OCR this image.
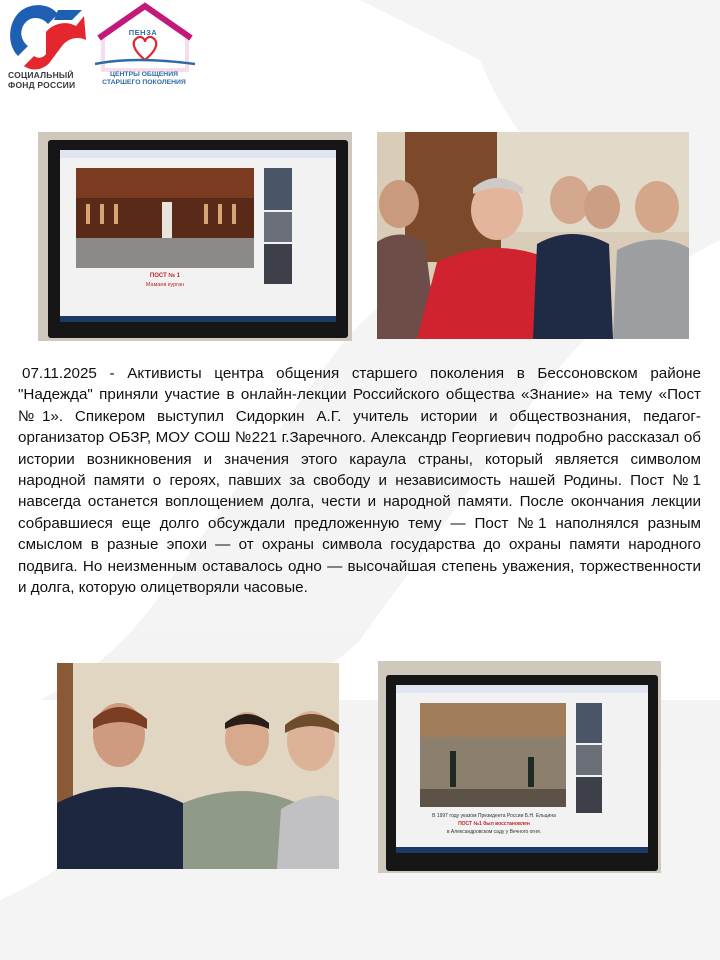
СОЦИАЛЬНЫЙ
ФОНД РОССИИ
ПЕНЗА
ЦЕНТРЫ ОБЩЕНИЯ
СТАРШЕГО ПОКОЛЕНИЯ
ПОСТ № 1
Мамаев курган

07.11.2025 - Активисты центра общения старшего поколения в Бессоновском районе "Надежда" приняли участие в онлайн-лекции Российского общества «Знание» на тему «Пост №1». Спикером выступил Сидоркин А.Г. учитель истории и обществознания, педагог-организатор ОБЗР, МОУ СОШ №221 г.Заречного. Александр Георгиевич подробно рассказал об истории возникновения и значения этого караула страны, который является символом народной памяти о героях, павших за свободу и независимость нашей Родины. Пост №1 навсегда останется воплощением долга, чести и народной памяти. После окончания лекции собравшиеся еще долго обсуждали предложенную тему — Пост №1 наполнялся разным смыслом в разные эпохи — от охраны символа государства до охраны памяти народного подвига. Но неизменным оставалось одно — высочайшая степень уважения, торжественности и долга, которую олицетворяли часовые.

В 1997 году указом Президента России Б.Н. Ельцина
ПОСТ №1 был восстановлен
в Александровском саду у Вечного огня.
